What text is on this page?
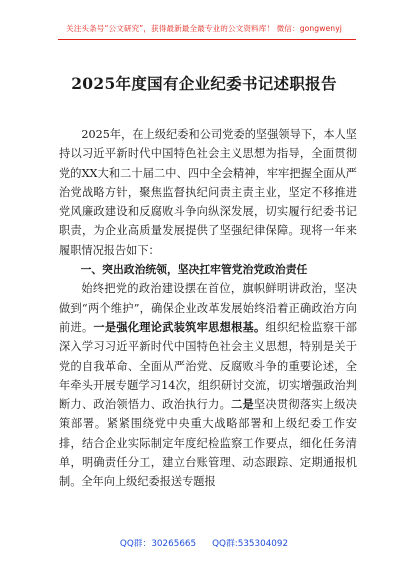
关注头条号“公文研究”，获得最新最全最专业的公文资料库！ 微信：gongwenyj
2025年度国有企业纪委书记述职报告

2025年，在上级纪委和公司党委的坚强领导下，本人坚持以习近平新时代中国特色社会主义思想为指导，全面贯彻党的XX大和二十届二中、四中全会精神，牢牢把握全面从严治党战略方针，聚焦监督执纪问责主责主业，坚定不移推进党风廉政建设和反腐败斗争向纵深发展，切实履行纪委书记职责，为企业高质量发展提供了坚强纪律保障。现将一年来履职情况报告如下：

一、突出政治统领，坚决扛牢管党治党政治责任

始终把党的政治建设摆在首位，旗帜鲜明讲政治，坚决做到“两个维护”，确保企业改革发展始终沿着正确政治方向前进。一是强化理论武装筑牢思想根基。组织纪检监察干部深入学习习近平新时代中国特色社会主义思想，特别是关于党的自我革命、全面从严治党、反腐败斗争的重要论述，全年牵头开展专题学习14次，组织研讨交流，切实增强政治判断力、政治领悟力、政治执行力。二是坚决贯彻落实上级决策部署。紧紧围绕党中央重大战略部署和上级纪委工作安排，结合企业实际制定年度纪检监察工作要点，细化任务清单，明确责任分工，建立台账管理、动态跟踪、定期通报机制。全年向上级纪委报送专题报

QQ群：30265665 QQ群:535304092
